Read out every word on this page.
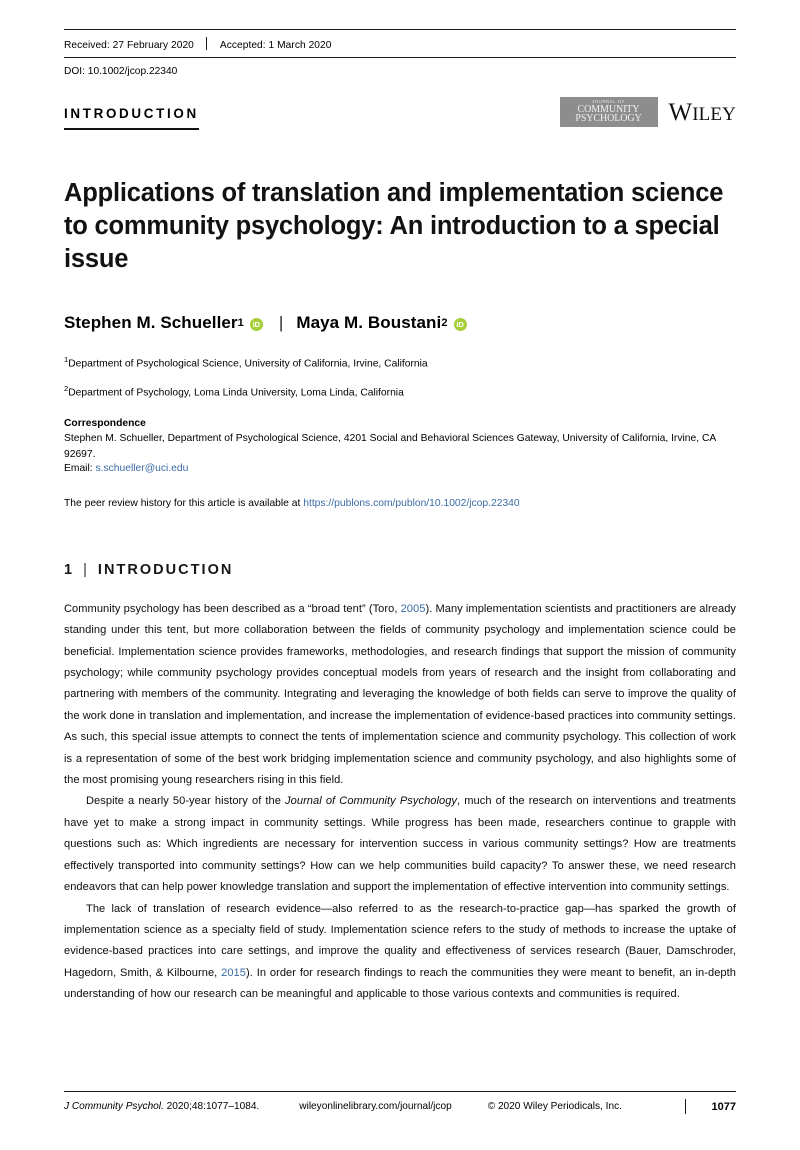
Received: 27 February 2020	Accepted: 1 March 2020
DOI: 10.1002/jcop.22340
INTRODUCTION
JOURNAL OF
COMMUNITY
PSYCHOLOGY WILEY
Applications of translation and implementation science to community psychology: An introduction to a special issue
Stephen M. Schueller 1	iD | Maya M. Boustani 2	iD
$^1$Department of Psychological Science, University of California, Irvine, California
$^2$Department of Psychology, Loma Linda University, Loma Linda, California
Correspondence
Stephen M. Schueller, Department of Psychological Science, 4201 Social and Behavioral Sciences Gateway, University of California, Irvine, CA 92697.
Email: s.schueller@uci.edu
The peer review history for this article is available at https://publons.com/publon/10.1002/jcop.22340
1 | INTRODUCTION

Community psychology has been described as a “broad tent” (Toro, 2005). Many implementation scientists and practitioners are already standing under this tent, but more collaboration between the fields of community psychology and implementation science could be beneficial. Implementation science provides frameworks, methodologies, and research findings that support the mission of community psychology; while community psychology provides conceptual models from years of research and the insight from collaborating and partnering with members of the community. Integrating and leveraging the knowledge of both fields can serve to improve the quality of the work done in translation and implementation, and increase the implementation of evidence-based practices into community settings. As such, this special issue attempts to connect the tents of implementation science and community psychology. This collection of work is a representation of some of the best work bridging implementation science and community psychology, and also highlights some of the most promising young researchers rising in this field.

Despite a nearly 50-year history of the Journal of Community Psychology, much of the research on interventions and treatments have yet to make a strong impact in community settings. While progress has been made, researchers continue to grapple with questions such as: Which ingredients are necessary for intervention success in various community settings? How are treatments effectively transported into community settings? How can we help communities build capacity? To answer these, we need research endeavors that can help power knowledge translation and support the implementation of effective intervention into community settings.

The lack of translation of research evidence—also referred to as the research-to-practice gap—has sparked the growth of implementation science as a specialty field of study. Implementation science refers to the study of methods to increase the uptake of evidence-based practices into care settings, and improve the quality and effectiveness of services research (Bauer, Damschroder, Hagedorn, Smith, & Kilbourne, 2015). In order for research findings to reach the communities they were meant to benefit, an in-depth understanding of how our research can be meaningful and applicable to those various contexts and communities is required.

J Community Psychol. 2020;48:1077–1084.	wileyonlinelibrary.com/journal/jcop	© 2020 Wiley Periodicals, Inc.	1077
